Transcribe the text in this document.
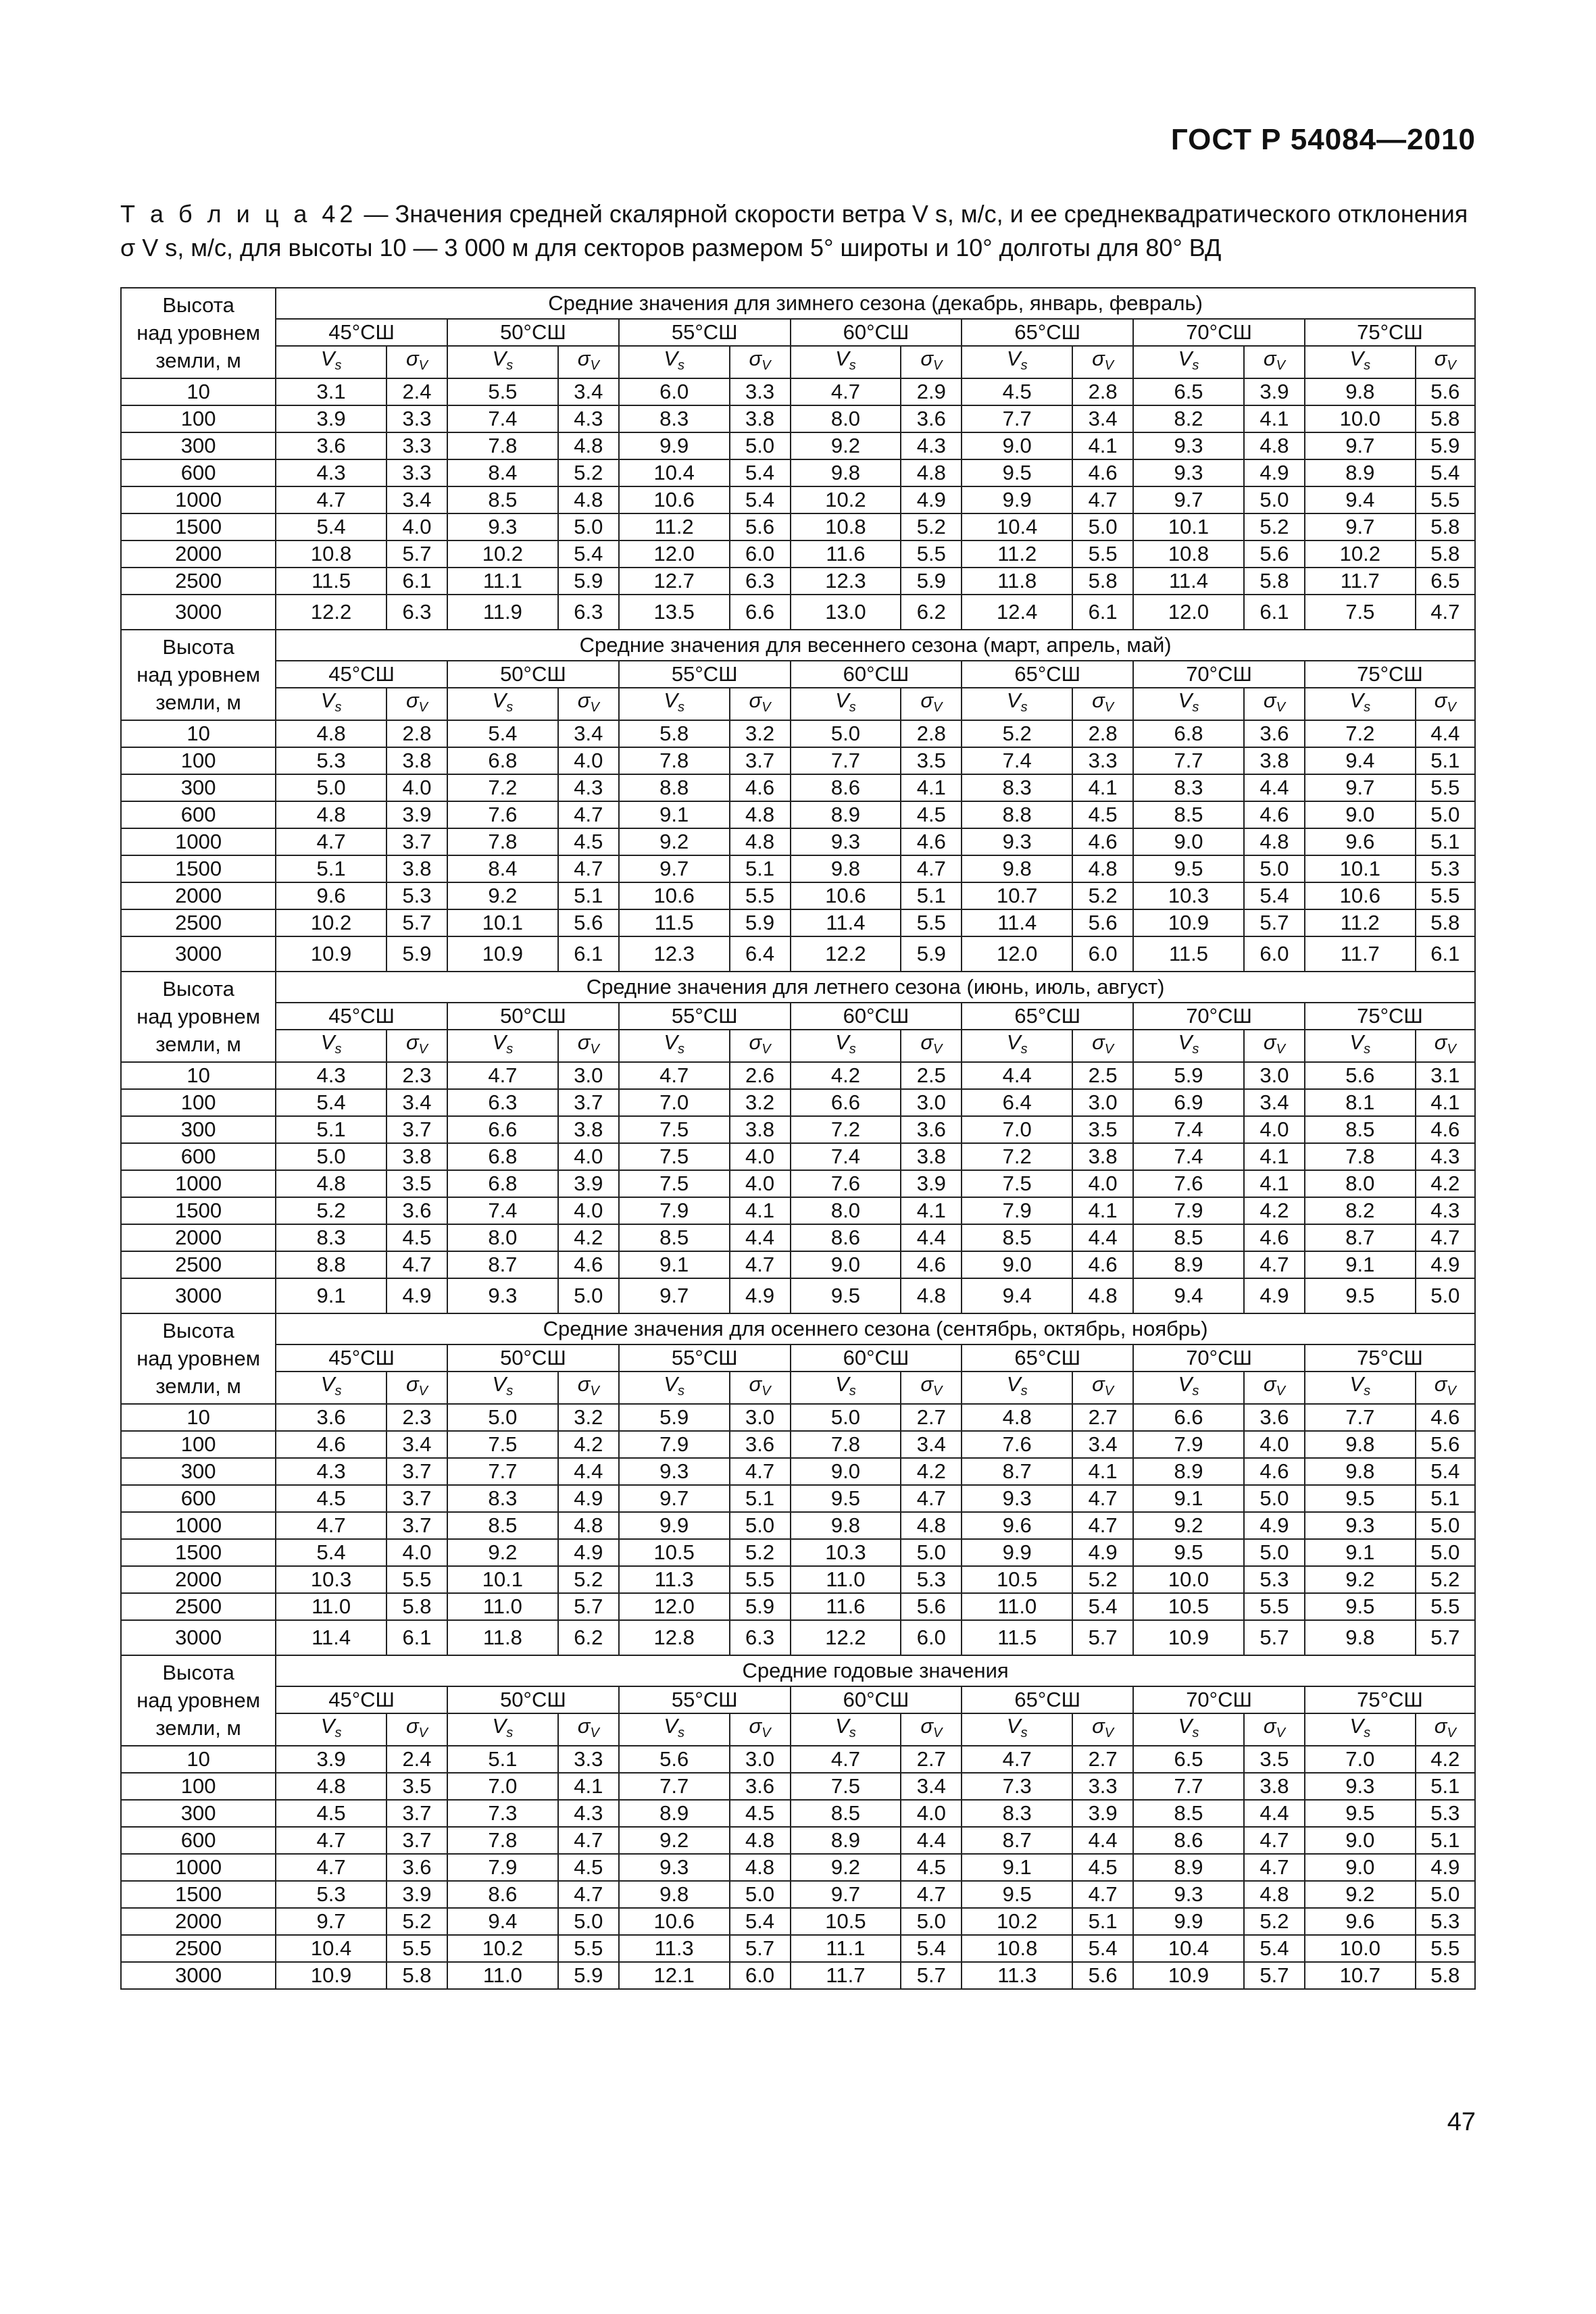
ГОСТ Р 54084—2010
Т а б л и ц а 42 — Значения средней скалярной скорости ветра V s, м/с, и ее среднеквадратического отклонения σ V s, м/с, для высоты 10 — 3 000 м для секторов размером 5° широты и 10° долготы для 80° ВД
Высота
над уровнем
земли, м	Средние значения для зимнего сезона (декабрь, январь, февраль)													
	45°СШ		50°СШ		55°СШ		60°СШ		65°СШ		70°СШ		75°СШ	
	$V_s$	$\sigma_V$	$V_s$	$\sigma_V$	$V_s$	$\sigma_V$	$V_s$	$\sigma_V$	$V_s$	$\sigma_V$	$V_s$	$\sigma_V$	$V_s$	$\sigma_V$
10	3.1	2.4	5.5	3.4	6.0	3.3	4.7	2.9	4.5	2.8	6.5	3.9	9.8	5.6
100	3.9	3.3	7.4	4.3	8.3	3.8	8.0	3.6	7.7	3.4	8.2	4.1	10.0	5.8
300	3.6	3.3	7.8	4.8	9.9	5.0	9.2	4.3	9.0	4.1	9.3	4.8	9.7	5.9
600	4.3	3.3	8.4	5.2	10.4	5.4	9.8	4.8	9.5	4.6	9.3	4.9	8.9	5.4
1000	4.7	3.4	8.5	4.8	10.6	5.4	10.2	4.9	9.9	4.7	9.7	5.0	9.4	5.5
1500	5.4	4.0	9.3	5.0	11.2	5.6	10.8	5.2	10.4	5.0	10.1	5.2	9.7	5.8
2000	10.8	5.7	10.2	5.4	12.0	6.0	11.6	5.5	11.2	5.5	10.8	5.6	10.2	5.8
2500	11.5	6.1	11.1	5.9	12.7	6.3	12.3	5.9	11.8	5.8	11.4	5.8	11.7	6.5
3000	12.2	6.3	11.9	6.3	13.5	6.6	13.0	6.2	12.4	6.1	12.0	6.1	7.5	4.7

Высота
над уровнем
земли, м	Средние значения для весеннего сезона (март, апрель, май)													
	45°СШ		50°СШ		55°СШ		60°СШ		65°СШ		70°СШ		75°СШ	
	$V_s$	$\sigma_V$	$V_s$	$\sigma_V$	$V_s$	$\sigma_V$	$V_s$	$\sigma_V$	$V_s$	$\sigma_V$	$V_s$	$\sigma_V$	$V_s$	$\sigma_V$
10	4.8	2.8	5.4	3.4	5.8	3.2	5.0	2.8	5.2	2.8	6.8	3.6	7.2	4.4
100	5.3	3.8	6.8	4.0	7.8	3.7	7.7	3.5	7.4	3.3	7.7	3.8	9.4	5.1
300	5.0	4.0	7.2	4.3	8.8	4.6	8.6	4.1	8.3	4.1	8.3	4.4	9.7	5.5
600	4.8	3.9	7.6	4.7	9.1	4.8	8.9	4.5	8.8	4.5	8.5	4.6	9.0	5.0
1000	4.7	3.7	7.8	4.5	9.2	4.8	9.3	4.6	9.3	4.6	9.0	4.8	9.6	5.1
1500	5.1	3.8	8.4	4.7	9.7	5.1	9.8	4.7	9.8	4.8	9.5	5.0	10.1	5.3
2000	9.6	5.3	9.2	5.1	10.6	5.5	10.6	5.1	10.7	5.2	10.3	5.4	10.6	5.5
2500	10.2	5.7	10.1	5.6	11.5	5.9	11.4	5.5	11.4	5.6	10.9	5.7	11.2	5.8
3000	10.9	5.9	10.9	6.1	12.3	6.4	12.2	5.9	12.0	6.0	11.5	6.0	11.7	6.1

Высота
над уровнем
земли, м	Средние значения для летнего сезона (июнь, июль, август)													
	45°СШ		50°СШ		55°СШ		60°СШ		65°СШ		70°СШ		75°СШ	
	$V_s$	$\sigma_V$	$V_s$	$\sigma_V$	$V_s$	$\sigma_V$	$V_s$	$\sigma_V$	$V_s$	$\sigma_V$	$V_s$	$\sigma_V$	$V_s$	$\sigma_V$
10	4.3	2.3	4.7	3.0	4.7	2.6	4.2	2.5	4.4	2.5	5.9	3.0	5.6	3.1
100	5.4	3.4	6.3	3.7	7.0	3.2	6.6	3.0	6.4	3.0	6.9	3.4	8.1	4.1
300	5.1	3.7	6.6	3.8	7.5	3.8	7.2	3.6	7.0	3.5	7.4	4.0	8.5	4.6
600	5.0	3.8	6.8	4.0	7.5	4.0	7.4	3.8	7.2	3.8	7.4	4.1	7.8	4.3
1000	4.8	3.5	6.8	3.9	7.5	4.0	7.6	3.9	7.5	4.0	7.6	4.1	8.0	4.2
1500	5.2	3.6	7.4	4.0	7.9	4.1	8.0	4.1	7.9	4.1	7.9	4.2	8.2	4.3
2000	8.3	4.5	8.0	4.2	8.5	4.4	8.6	4.4	8.5	4.4	8.5	4.6	8.7	4.7
2500	8.8	4.7	8.7	4.6	9.1	4.7	9.0	4.6	9.0	4.6	8.9	4.7	9.1	4.9
3000	9.1	4.9	9.3	5.0	9.7	4.9	9.5	4.8	9.4	4.8	9.4	4.9	9.5	5.0

Высота
над уровнем
земли, м	Средние значения для осеннего сезона (сентябрь, октябрь, ноябрь)													
	45°СШ		50°СШ		55°СШ		60°СШ		65°СШ		70°СШ		75°СШ	
	$V_s$	$\sigma_V$	$V_s$	$\sigma_V$	$V_s$	$\sigma_V$	$V_s$	$\sigma_V$	$V_s$	$\sigma_V$	$V_s$	$\sigma_V$	$V_s$	$\sigma_V$
10	3.6	2.3	5.0	3.2	5.9	3.0	5.0	2.7	4.8	2.7	6.6	3.6	7.7	4.6
100	4.6	3.4	7.5	4.2	7.9	3.6	7.8	3.4	7.6	3.4	7.9	4.0	9.8	5.6
300	4.3	3.7	7.7	4.4	9.3	4.7	9.0	4.2	8.7	4.1	8.9	4.6	9.8	5.4
600	4.5	3.7	8.3	4.9	9.7	5.1	9.5	4.7	9.3	4.7	9.1	5.0	9.5	5.1
1000	4.7	3.7	8.5	4.8	9.9	5.0	9.8	4.8	9.6	4.7	9.2	4.9	9.3	5.0
1500	5.4	4.0	9.2	4.9	10.5	5.2	10.3	5.0	9.9	4.9	9.5	5.0	9.1	5.0
2000	10.3	5.5	10.1	5.2	11.3	5.5	11.0	5.3	10.5	5.2	10.0	5.3	9.2	5.2
2500	11.0	5.8	11.0	5.7	12.0	5.9	11.6	5.6	11.0	5.4	10.5	5.5	9.5	5.5
3000	11.4	6.1	11.8	6.2	12.8	6.3	12.2	6.0	11.5	5.7	10.9	5.7	9.8	5.7

Высота
над уровнем
земли, м	Средние годовые значения													
	45°СШ		50°СШ		55°СШ		60°СШ		65°СШ		70°СШ		75°СШ	
	$V_s$	$\sigma_V$	$V_s$	$\sigma_V$	$V_s$	$\sigma_V$	$V_s$	$\sigma_V$	$V_s$	$\sigma_V$	$V_s$	$\sigma_V$	$V_s$	$\sigma_V$
10	3.9	2.4	5.1	3.3	5.6	3.0	4.7	2.7	4.7	2.7	6.5	3.5	7.0	4.2
100	4.8	3.5	7.0	4.1	7.7	3.6	7.5	3.4	7.3	3.3	7.7	3.8	9.3	5.1
300	4.5	3.7	7.3	4.3	8.9	4.5	8.5	4.0	8.3	3.9	8.5	4.4	9.5	5.3
600	4.7	3.7	7.8	4.7	9.2	4.8	8.9	4.4	8.7	4.4	8.6	4.7	9.0	5.1
1000	4.7	3.6	7.9	4.5	9.3	4.8	9.2	4.5	9.1	4.5	8.9	4.7	9.0	4.9
1500	5.3	3.9	8.6	4.7	9.8	5.0	9.7	4.7	9.5	4.7	9.3	4.8	9.2	5.0
2000	9.7	5.2	9.4	5.0	10.6	5.4	10.5	5.0	10.2	5.1	9.9	5.2	9.6	5.3
2500	10.4	5.5	10.2	5.5	11.3	5.7	11.1	5.4	10.8	5.4	10.4	5.4	10.0	5.5
3000	10.9	5.8	11.0	5.9	12.1	6.0	11.7	5.7	11.3	5.6	10.9	5.7	10.7	5.8
47
